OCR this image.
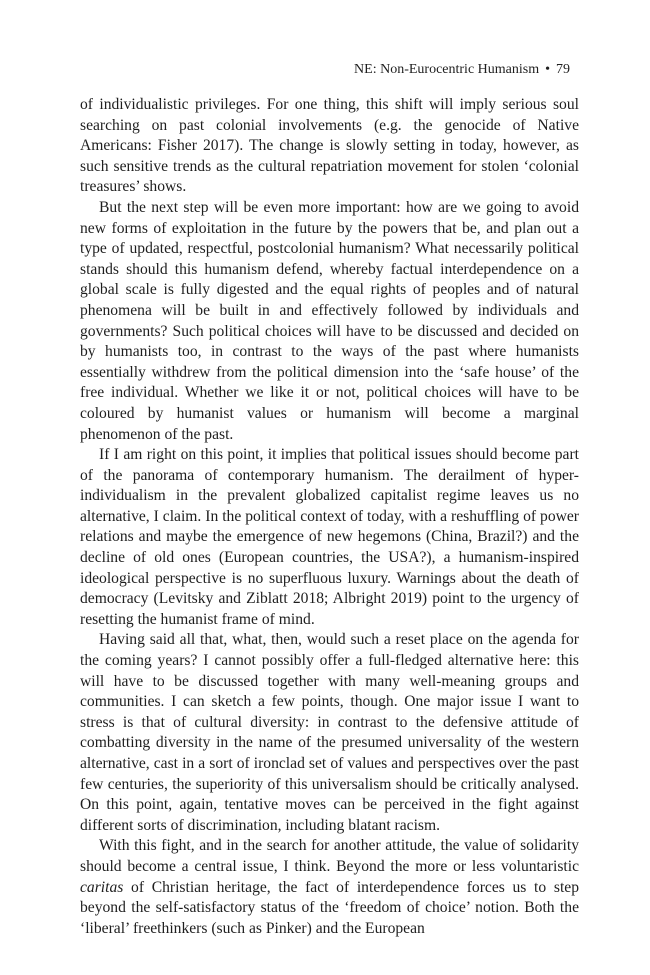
NE: Non-Eurocentric Humanism • 79

of individualistic privileges. For one thing, this shift will imply serious soul searching on past colonial involvements (e.g. the genocide of Native Americans: Fisher 2017). The change is slowly setting in today, however, as such sensitive trends as the cultural repatriation movement for stolen ‘colonial treasures’ shows.

But the next step will be even more important: how are we going to avoid new forms of exploitation in the future by the powers that be, and plan out a type of updated, respectful, postcolonial humanism? What necessarily political stands should this humanism defend, whereby factual interdependence on a global scale is fully digested and the equal rights of peoples and of natural phenomena will be built in and effectively followed by individuals and governments? Such political choices will have to be discussed and decided on by humanists too, in contrast to the ways of the past where humanists essentially withdrew from the political dimension into the ‘safe house’ of the free individual. Whether we like it or not, political choices will have to be coloured by humanist values or humanism will become a marginal phenomenon of the past.

If I am right on this point, it implies that political issues should become part of the panorama of contemporary humanism. The derailment of hyper-individualism in the prevalent globalized capitalist regime leaves us no alternative, I claim. In the political context of today, with a reshuffling of power relations and maybe the emergence of new hegemons (China, Brazil?) and the decline of old ones (European countries, the USA?), a humanism-inspired ideological perspective is no superfluous luxury. Warnings about the death of democracy (Levitsky and Ziblatt 2018; Albright 2019) point to the urgency of resetting the humanist frame of mind.

Having said all that, what, then, would such a reset place on the agenda for the coming years? I cannot possibly offer a full-fledged alternative here: this will have to be discussed together with many well-meaning groups and communities. I can sketch a few points, though. One major issue I want to stress is that of cultural diversity: in contrast to the defensive attitude of combatting diversity in the name of the presumed universality of the western alternative, cast in a sort of ironclad set of values and perspectives over the past few centuries, the superiority of this universalism should be critically analysed. On this point, again, tentative moves can be perceived in the fight against different sorts of discrimination, including blatant racism.

With this fight, and in the search for another attitude, the value of solidarity should become a central issue, I think. Beyond the more or less voluntaristic caritas of Christian heritage, the fact of interdependence forces us to step beyond the self-satisfactory status of the ‘freedom of choice’ notion. Both the ‘liberal’ freethinkers (such as Pinker) and the European
